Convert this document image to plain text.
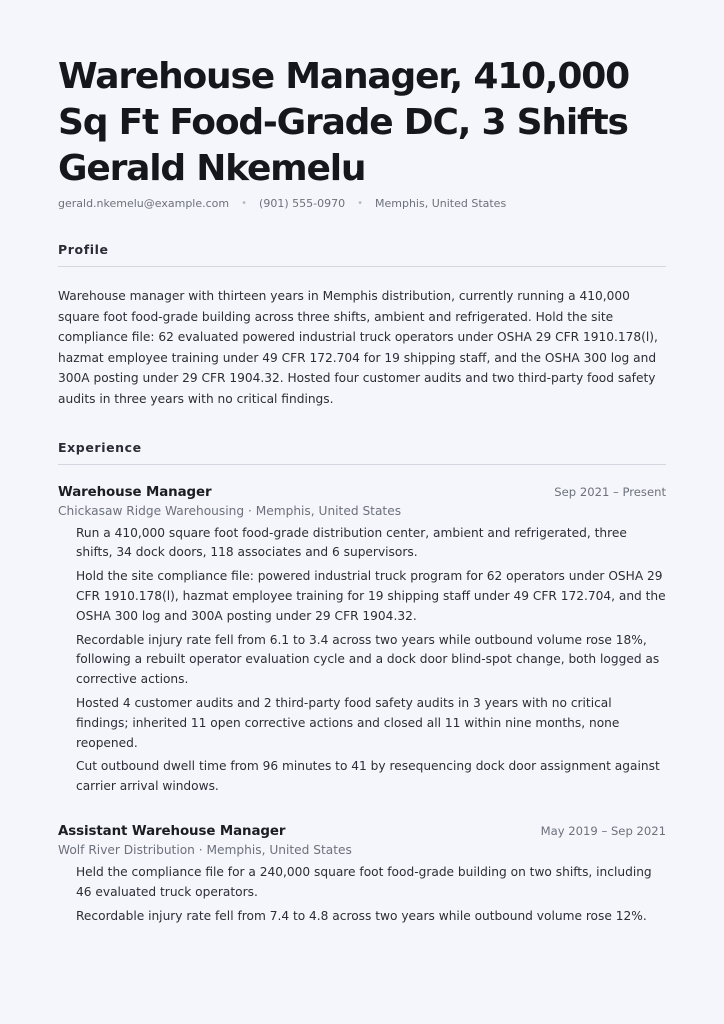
Warehouse Manager, 410,000
Sq Ft Food-Grade DC, 3 Shifts
Gerald Nkemelu
gerald.nkemelu@example.com • (901) 555-0970 • Memphis, United States
Profile

Warehouse manager with thirteen years in Memphis distribution, currently running a 410,000 square foot food-grade building across three shifts, ambient and refrigerated. Hold the site compliance file: 62 evaluated powered industrial truck operators under OSHA 29 CFR 1910.178(l), hazmat employee training under 49 CFR 172.704 for 19 shipping staff, and the OSHA 300 log and 300A posting under 29 CFR 1904.32. Hosted four customer audits and two third-party food safety audits in three years with no critical findings.

Experience
Warehouse Manager	Sep 2021 – Present
Chickasaw Ridge Warehousing · Memphis, United States
Run a 410,000 square foot food-grade distribution center, ambient and refrigerated, three shifts, 34 dock doors, 118 associates and 6 supervisors.
Hold the site compliance file: powered industrial truck program for 62 operators under OSHA 29 CFR 1910.178(l), hazmat employee training for 19 shipping staff under 49 CFR 172.704, and the OSHA 300 log and 300A posting under 29 CFR 1904.32.
Recordable injury rate fell from 6.1 to 3.4 across two years while outbound volume rose 18%, following a rebuilt operator evaluation cycle and a dock door blind-spot change, both logged as corrective actions.
Hosted 4 customer audits and 2 third-party food safety audits in 3 years with no critical findings; inherited 11 open corrective actions and closed all 11 within nine months, none reopened.
Cut outbound dwell time from 96 minutes to 41 by resequencing dock door assignment against carrier arrival windows.
Assistant Warehouse Manager	May 2019 – Sep 2021
Wolf River Distribution · Memphis, United States
Held the compliance file for a 240,000 square foot food-grade building on two shifts, including 46 evaluated truck operators.
Recordable injury rate fell from 7.4 to 4.8 across two years while outbound volume rose 12%.
